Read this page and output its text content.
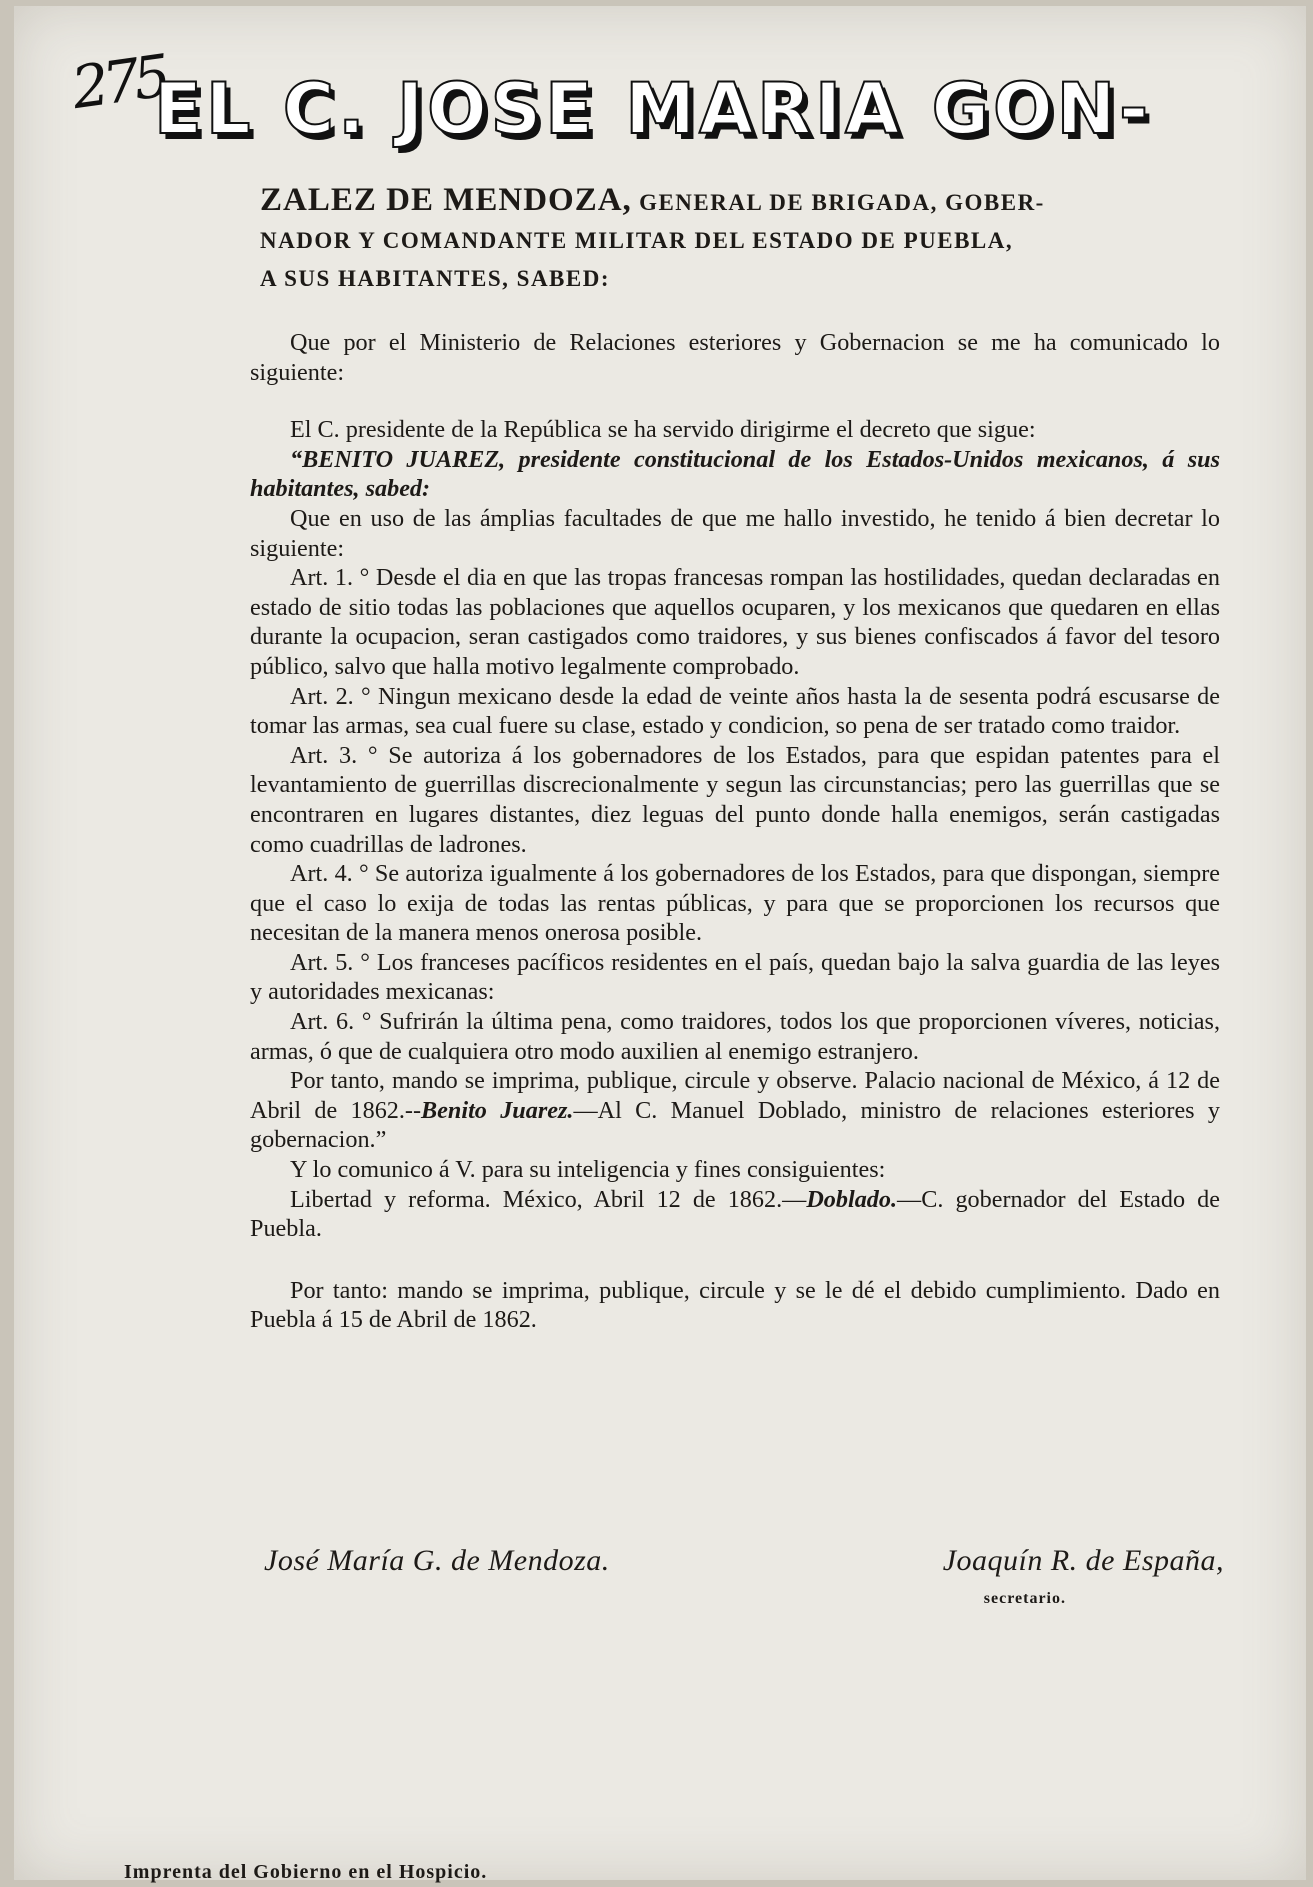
275
EL C. JOSE MARIA GON-
ZALEZ DE MENDOZA, GENERAL DE BRIGADA, GOBER-
NADOR Y COMANDANTE MILITAR DEL ESTADO DE PUEBLA,
A SUS HABITANTES, SABED:

Que por el Ministerio de Relaciones esteriores y Gobernacion se me ha comunicado lo siguiente:

El C. presidente de la República se ha servido dirigirme el decreto que sigue:

“BENITO JUAREZ, presidente constitucional de los Estados-Unidos mexicanos, á sus habitantes, sabed:

Que en uso de las ámplias facultades de que me hallo investido, he tenido á bien decretar lo siguiente:

Art. 1. ° Desde el dia en que las tropas francesas rompan las hostilidades, quedan declaradas en estado de sitio todas las poblaciones que aquellos ocuparen, y los mexicanos que quedaren en ellas durante la ocupacion, seran castigados como traidores, y sus bienes confiscados á favor del tesoro público, salvo que halla motivo legalmente comprobado.

Art. 2. ° Ningun mexicano desde la edad de veinte años hasta la de sesenta podrá escusarse de tomar las armas, sea cual fuere su clase, estado y condicion, so pena de ser tratado como traidor.

Art. 3. ° Se autoriza á los gobernadores de los Estados, para que espidan patentes para el levantamiento de guerrillas discrecionalmente y segun las circunstancias; pero las guerrillas que se encontraren en lugares distantes, diez leguas del punto donde halla enemigos, serán castigadas como cuadrillas de ladrones.

Art. 4. ° Se autoriza igualmente á los gobernadores de los Estados, para que dispongan, siempre que el caso lo exija de todas las rentas públicas, y para que se proporcionen los recursos que necesitan de la manera menos onerosa posible.

Art. 5. ° Los franceses pacíficos residentes en el país, quedan bajo la salva guardia de las leyes y autoridades mexicanas:

Art. 6. ° Sufrirán la última pena, como traidores, todos los que proporcionen víveres, noticias, armas, ó que de cualquiera otro modo auxilien al enemigo estranjero.

Por tanto, mando se imprima, publique, circule y observe. Palacio nacional de México, á 12 de Abril de 1862.--Benito Juarez.—Al C. Manuel Doblado, ministro de relaciones esteriores y gobernacion.”

Y lo comunico á V. para su inteligencia y fines consiguientes:

Libertad y reforma. México, Abril 12 de 1862.—Doblado.—C. gobernador del Estado de Puebla.

Por tanto: mando se imprima, publique, circule y se le dé el debido cumplimiento. Dado en Puebla á 15 de Abril de 1862.

José María G. de Mendoza.	Joaquín R. de España,
secretario.
Imprenta del Gobierno en el Hospicio.
